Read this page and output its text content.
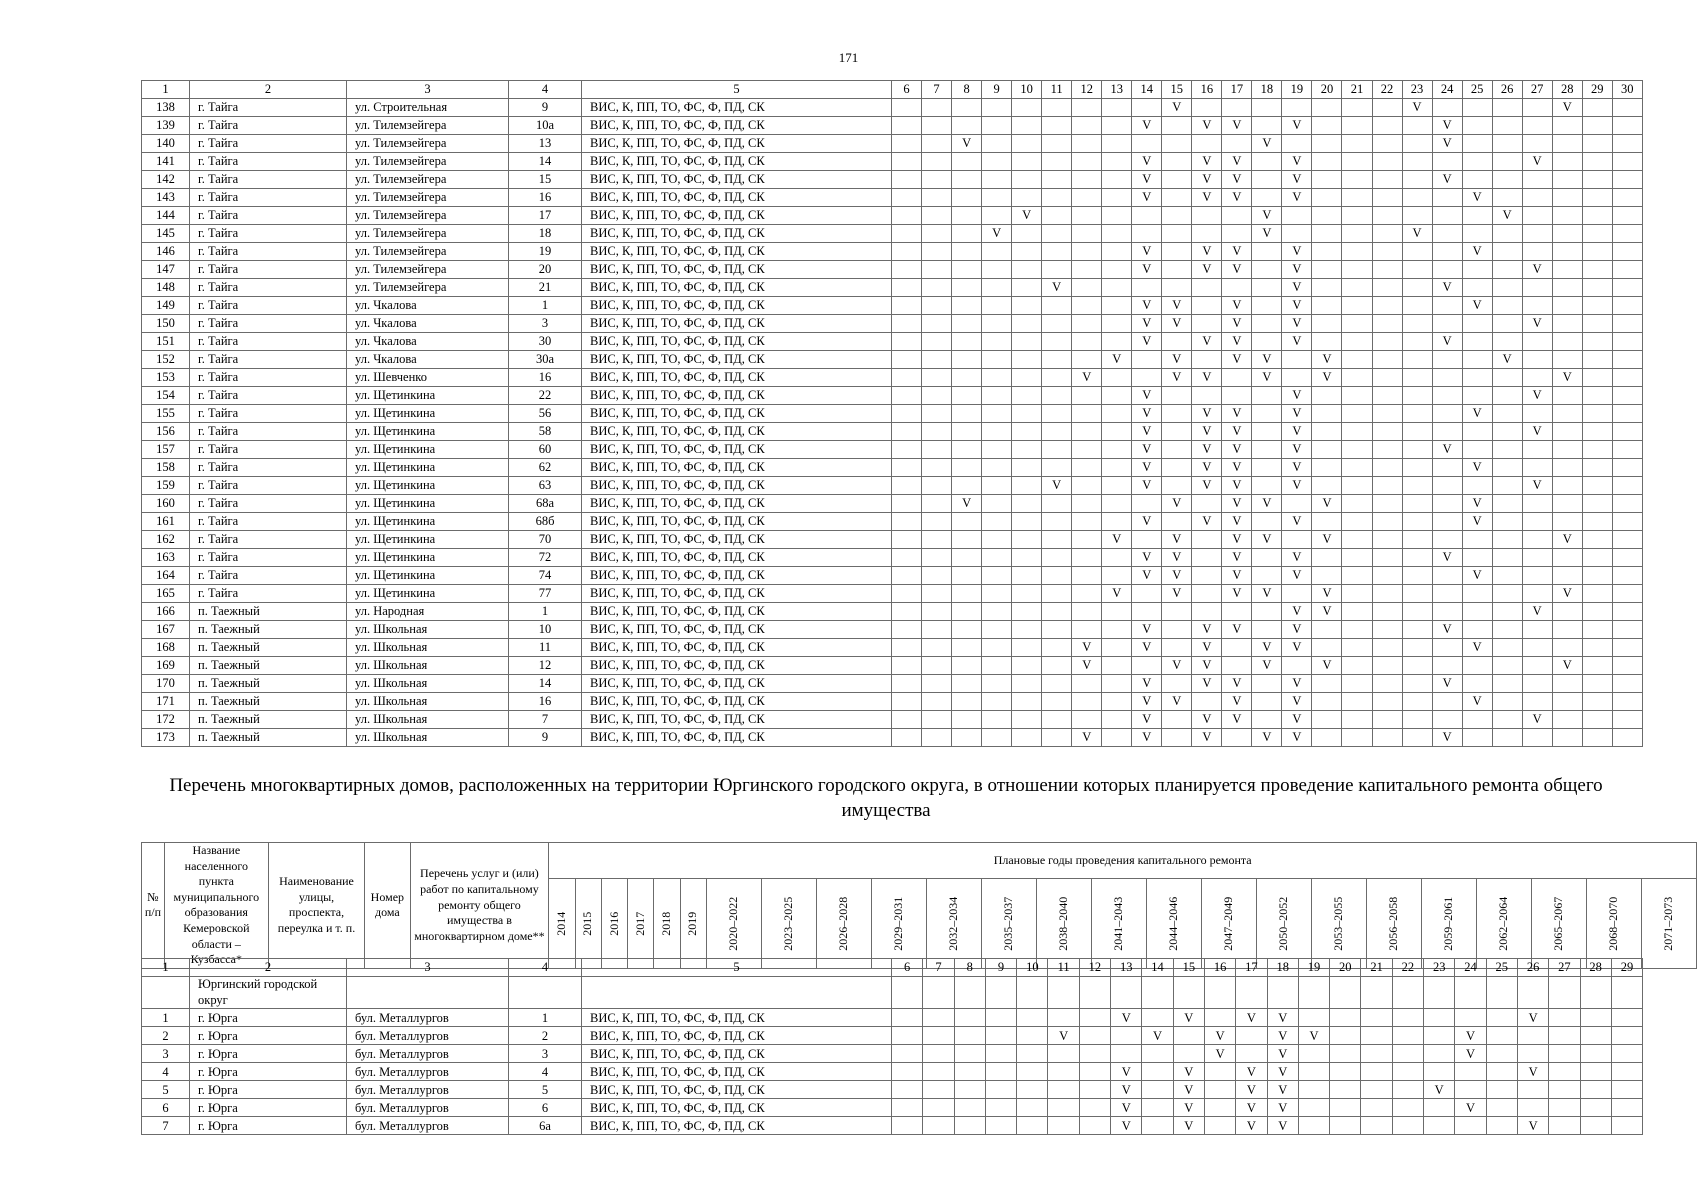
171
1	2	3	4	5	6	7	8	9	10	11	12	13	14	15	16	17	18	19	20	21	22	23	24	25	26	27	28	29	30
138	г. Тайга	ул. Строительная	9	ВИС, К, ПП, ТО, ФС, Ф, ПД, СК										V								V					V		
139	г. Тайга	ул. Тилемзейгера	10а	ВИС, К, ПП, ТО, ФС, Ф, ПД, СК									V		V	V		V					V						
140	г. Тайга	ул. Тилемзейгера	13	ВИС, К, ПП, ТО, ФС, Ф, ПД, СК			V										V						V						
141	г. Тайга	ул. Тилемзейгера	14	ВИС, К, ПП, ТО, ФС, Ф, ПД, СК									V		V	V		V								V			
142	г. Тайга	ул. Тилемзейгера	15	ВИС, К, ПП, ТО, ФС, Ф, ПД, СК									V		V	V		V					V						
143	г. Тайга	ул. Тилемзейгера	16	ВИС, К, ПП, ТО, ФС, Ф, ПД, СК									V		V	V		V						V					
144	г. Тайга	ул. Тилемзейгера	17	ВИС, К, ПП, ТО, ФС, Ф, ПД, СК					V								V								V				
145	г. Тайга	ул. Тилемзейгера	18	ВИС, К, ПП, ТО, ФС, Ф, ПД, СК				V									V					V							
146	г. Тайга	ул. Тилемзейгера	19	ВИС, К, ПП, ТО, ФС, Ф, ПД, СК									V		V	V		V						V					
147	г. Тайга	ул. Тилемзейгера	20	ВИС, К, ПП, ТО, ФС, Ф, ПД, СК									V		V	V		V								V			
148	г. Тайга	ул. Тилемзейгера	21	ВИС, К, ПП, ТО, ФС, Ф, ПД, СК						V								V					V						
149	г. Тайга	ул. Чкалова	1	ВИС, К, ПП, ТО, ФС, Ф, ПД, СК									V	V		V		V						V					
150	г. Тайга	ул. Чкалова	3	ВИС, К, ПП, ТО, ФС, Ф, ПД, СК									V	V		V		V								V			
151	г. Тайга	ул. Чкалова	30	ВИС, К, ПП, ТО, ФС, Ф, ПД, СК									V		V	V		V					V						
152	г. Тайга	ул. Чкалова	30а	ВИС, К, ПП, ТО, ФС, Ф, ПД, СК								V		V		V	V		V						V				
153	г. Тайга	ул. Шевченко	16	ВИС, К, ПП, ТО, ФС, Ф, ПД, СК							V			V	V		V		V								V		
154	г. Тайга	ул. Щетинкина	22	ВИС, К, ПП, ТО, ФС, Ф, ПД, СК									V					V								V			
155	г. Тайга	ул. Щетинкина	56	ВИС, К, ПП, ТО, ФС, Ф, ПД, СК									V		V	V		V						V					
156	г. Тайга	ул. Щетинкина	58	ВИС, К, ПП, ТО, ФС, Ф, ПД, СК									V		V	V		V								V			
157	г. Тайга	ул. Щетинкина	60	ВИС, К, ПП, ТО, ФС, Ф, ПД, СК									V		V	V		V					V						
158	г. Тайга	ул. Щетинкина	62	ВИС, К, ПП, ТО, ФС, Ф, ПД, СК									V		V	V		V						V					
159	г. Тайга	ул. Щетинкина	63	ВИС, К, ПП, ТО, ФС, Ф, ПД, СК						V			V		V	V		V								V			
160	г. Тайга	ул. Щетинкина	68а	ВИС, К, ПП, ТО, ФС, Ф, ПД, СК			V							V		V	V		V					V					
161	г. Тайга	ул. Щетинкина	68б	ВИС, К, ПП, ТО, ФС, Ф, ПД, СК									V		V	V		V						V					
162	г. Тайга	ул. Щетинкина	70	ВИС, К, ПП, ТО, ФС, Ф, ПД, СК								V		V		V	V		V								V		
163	г. Тайга	ул. Щетинкина	72	ВИС, К, ПП, ТО, ФС, Ф, ПД, СК									V	V		V		V					V						
164	г. Тайга	ул. Щетинкина	74	ВИС, К, ПП, ТО, ФС, Ф, ПД, СК									V	V		V		V						V					
165	г. Тайга	ул. Щетинкина	77	ВИС, К, ПП, ТО, ФС, Ф, ПД, СК								V		V		V	V		V								V		
166	п. Таежный	ул. Народная	1	ВИС, К, ПП, ТО, ФС, Ф, ПД, СК														V	V							V			
167	п. Таежный	ул. Школьная	10	ВИС, К, ПП, ТО, ФС, Ф, ПД, СК									V		V	V		V					V						
168	п. Таежный	ул. Школьная	11	ВИС, К, ПП, ТО, ФС, Ф, ПД, СК							V		V		V		V	V						V					
169	п. Таежный	ул. Школьная	12	ВИС, К, ПП, ТО, ФС, Ф, ПД, СК							V			V	V		V		V								V		
170	п. Таежный	ул. Школьная	14	ВИС, К, ПП, ТО, ФС, Ф, ПД, СК									V		V	V		V					V						
171	п. Таежный	ул. Школьная	16	ВИС, К, ПП, ТО, ФС, Ф, ПД, СК									V	V		V		V						V					
172	п. Таежный	ул. Школьная	7	ВИС, К, ПП, ТО, ФС, Ф, ПД, СК									V		V	V		V								V			
173	п. Таежный	ул. Школьная	9	ВИС, К, ПП, ТО, ФС, Ф, ПД, СК							V		V		V		V	V					V						
Перечень многоквартирных домов, расположенных на территории Юргинского городского округа, в отношении которых планируется проведение капитального ремонта общего имущества
№ п/п	Название населенного пункта муниципального образования Кемеровской области – Кузбасса*	Наименование улицы, проспекта, переулка и т. п.	Номер дома	Перечень услуг и (или) работ по капитальному ремонту общего имущества в многоквартирном доме**	Плановые годы проведения капитального ремонта																							
					2014	2015	2016	2017	2018	2019	2020–2022	2023–2025	2026–2028	2029–2031	2032–2034	2035–2037	2038–2040	2041–2043	2044–2046	2047–2049	2050–2052	2053–2055	2056–2058	2059–2061	2062–2064	2065–2067	2068–2070	2071–2073
1	2	3	4	5	6	7	8	9	10	11	12	13	14	15	16	17	18	19	20	21	22	23	24	25	26	27	28	29
	Юргинский городской округ																											
1	г. Юрга	бул. Металлургов	1	ВИС, К, ПП, ТО, ФС, Ф, ПД, СК								V		V		V	V								V			
2	г. Юрга	бул. Металлургов	2	ВИС, К, ПП, ТО, ФС, Ф, ПД, СК						V			V		V		V	V					V					
3	г. Юрга	бул. Металлургов	3	ВИС, К, ПП, ТО, ФС, Ф, ПД, СК											V		V						V					
4	г. Юрга	бул. Металлургов	4	ВИС, К, ПП, ТО, ФС, Ф, ПД, СК								V		V		V	V								V			
5	г. Юрга	бул. Металлургов	5	ВИС, К, ПП, ТО, ФС, Ф, ПД, СК								V		V		V	V					V						
6	г. Юрга	бул. Металлургов	6	ВИС, К, ПП, ТО, ФС, Ф, ПД, СК								V		V		V	V						V					
7	г. Юрга	бул. Металлургов	6а	ВИС, К, ПП, ТО, ФС, Ф, ПД, СК								V		V		V	V								V			
